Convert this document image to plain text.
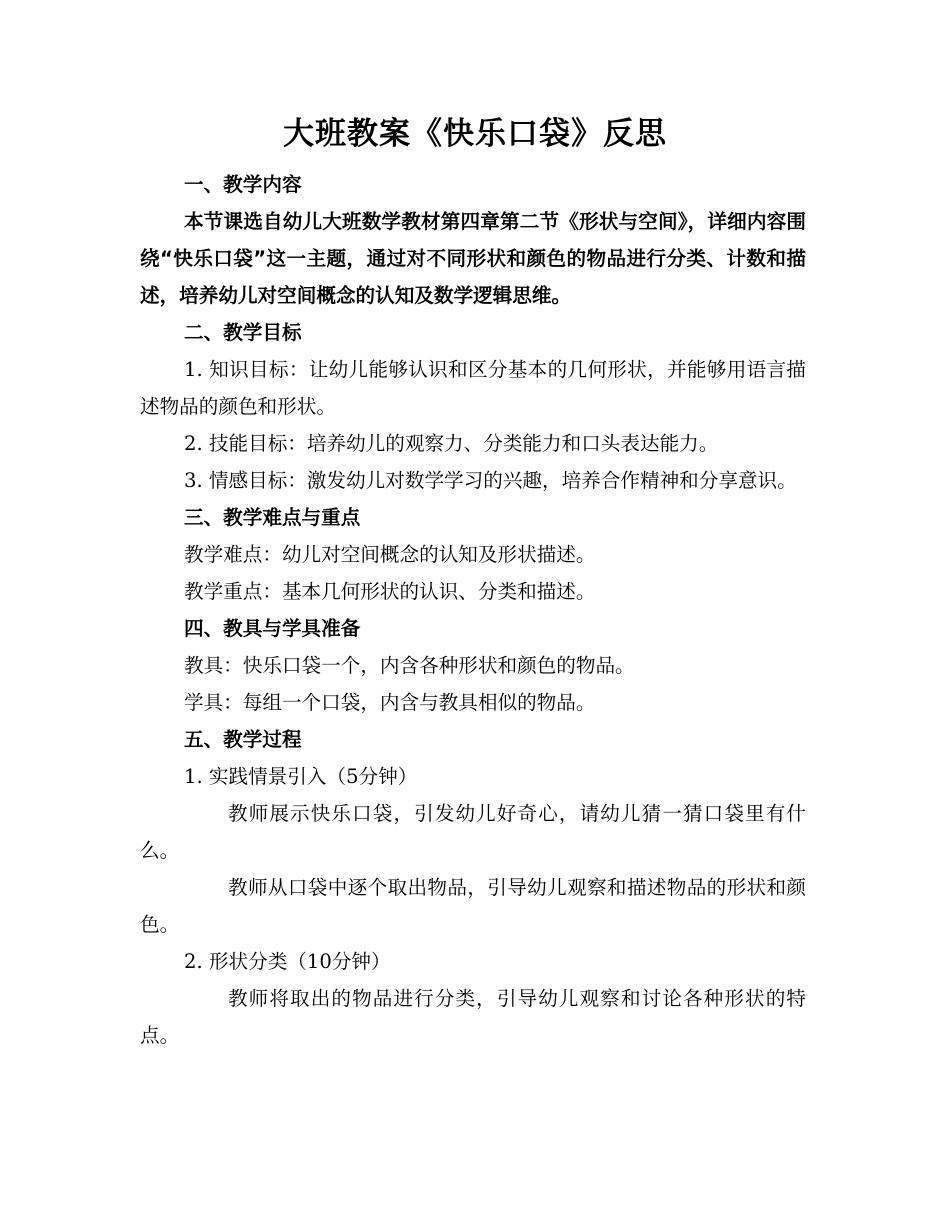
大班教案《快乐口袋》反思

一、教学内容

本节课选自幼儿大班数学教材第四章第二节《形状与空间》，详细内容围绕“快乐口袋”这一主题，通过对不同形状和颜色的物品进行分类、计数和描述，培养幼儿对空间概念的认知及数学逻辑思维。

二、教学目标

1. 知识目标：让幼儿能够认识和区分基本的几何形状，并能够用语言描述物品的颜色和形状。

2. 技能目标：培养幼儿的观察力、分类能力和口头表达能力。

3. 情感目标：激发幼儿对数学学习的兴趣，培养合作精神和分享意识。

三、教学难点与重点

教学难点：幼儿对空间概念的认知及形状描述。

教学重点：基本几何形状的认识、分类和描述。

四、教具与学具准备

教具：快乐口袋一个，内含各种形状和颜色的物品。

学具：每组一个口袋，内含与教具相似的物品。

五、教学过程

1. 实践情景引入（5分钟）

教师展示快乐口袋，引发幼儿好奇心，请幼儿猜一猜口袋里有什么。

教师从口袋中逐个取出物品，引导幼儿观察和描述物品的形状和颜色。

2. 形状分类（10分钟）

教师将取出的物品进行分类，引导幼儿观察和讨论各种形状的特点。
